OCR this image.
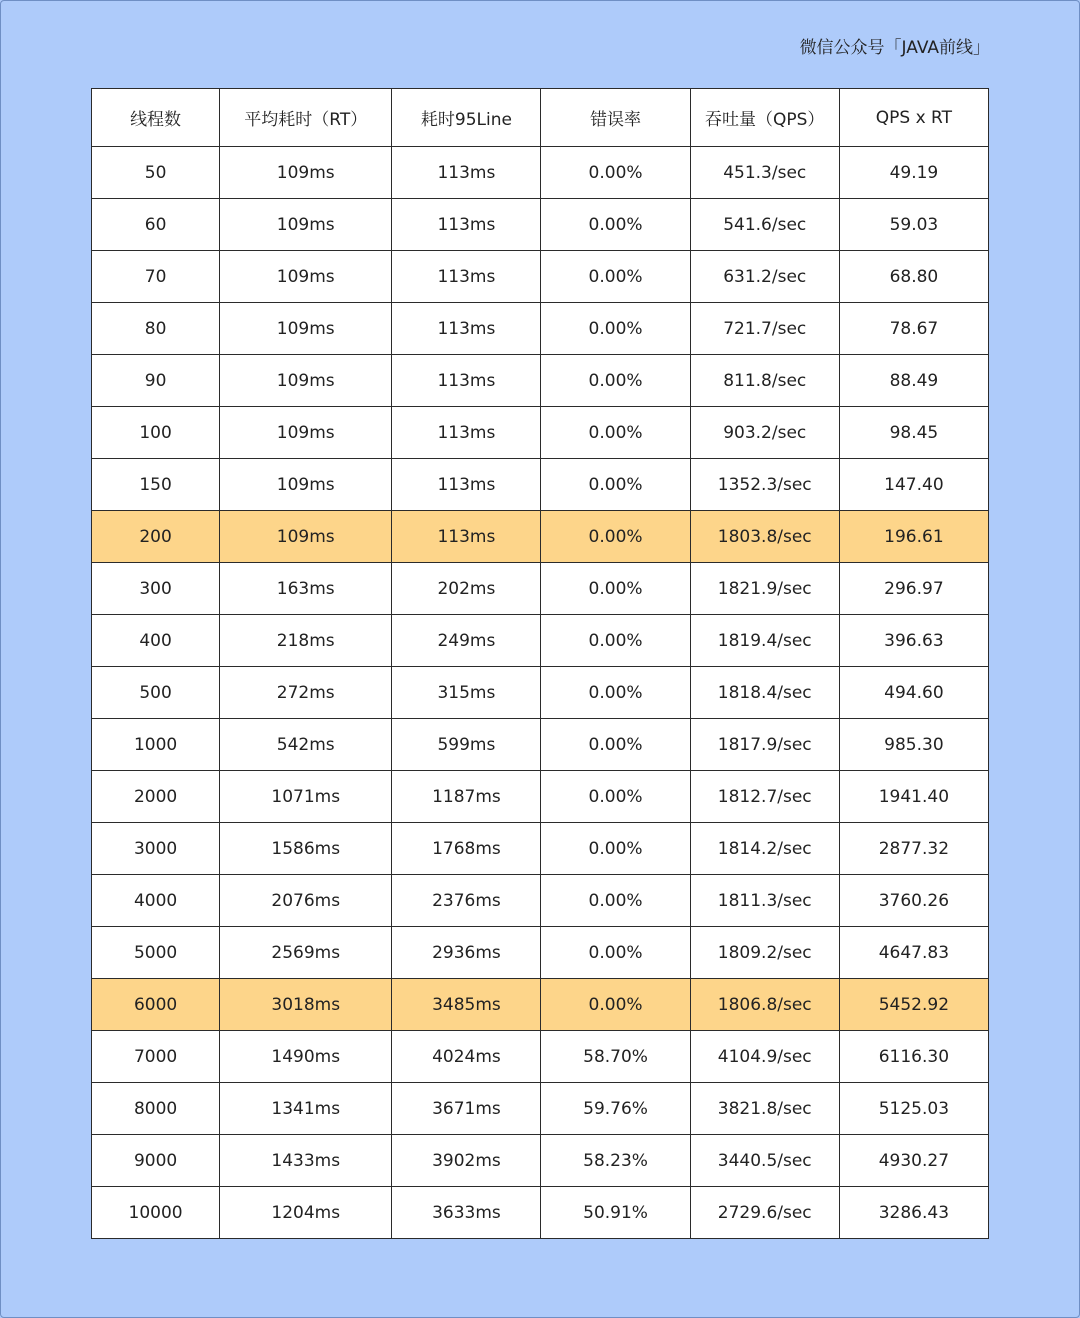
微信公众号「JAVA前线」
线程数	平均耗时（RT）	耗时95Line	错误率	吞吐量（QPS）	QPS x RT
50	109ms	113ms	0.00%	451.3/sec	49.19
60	109ms	113ms	0.00%	541.6/sec	59.03
70	109ms	113ms	0.00%	631.2/sec	68.80
80	109ms	113ms	0.00%	721.7/sec	78.67
90	109ms	113ms	0.00%	811.8/sec	88.49
100	109ms	113ms	0.00%	903.2/sec	98.45
150	109ms	113ms	0.00%	1352.3/sec	147.40
200	109ms	113ms	0.00%	1803.8/sec	196.61
300	163ms	202ms	0.00%	1821.9/sec	296.97
400	218ms	249ms	0.00%	1819.4/sec	396.63
500	272ms	315ms	0.00%	1818.4/sec	494.60
1000	542ms	599ms	0.00%	1817.9/sec	985.30
2000	1071ms	1187ms	0.00%	1812.7/sec	1941.40
3000	1586ms	1768ms	0.00%	1814.2/sec	2877.32
4000	2076ms	2376ms	0.00%	1811.3/sec	3760.26
5000	2569ms	2936ms	0.00%	1809.2/sec	4647.83
6000	3018ms	3485ms	0.00%	1806.8/sec	5452.92
7000	1490ms	4024ms	58.70%	4104.9/sec	6116.30
8000	1341ms	3671ms	59.76%	3821.8/sec	5125.03
9000	1433ms	3902ms	58.23%	3440.5/sec	4930.27
10000	1204ms	3633ms	50.91%	2729.6/sec	3286.43
